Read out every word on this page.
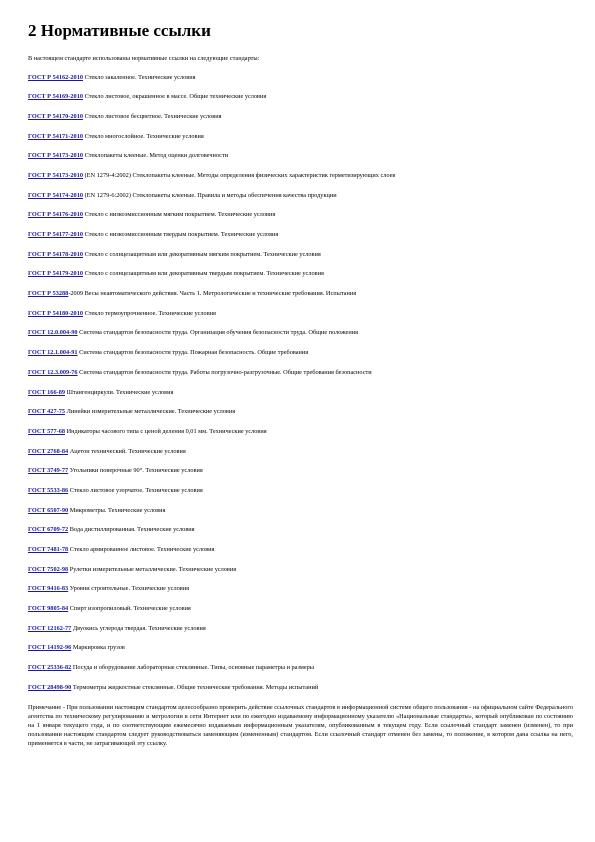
2 Нормативные ссылки

В настоящем стандарте использованы нормативные ссылки на следующие стандарты:

ГОСТ Р 54162-2010 Стекло закаленное. Технические условия

ГОСТ Р 54169-2010 Стекло листовое, окрашенное в массе. Общие технические условия

ГОСТ Р 54170-2010 Стекло листовое бесцветное. Технические условия

ГОСТ Р 54171-2010 Стекло многослойное. Технические условия

ГОСТ Р 54173-2010 Стеклопакеты клееные. Метод оценки долговечности

ГОСТ Р 54173-2010 (EN 1279-4:2002) Стеклопакеты клееные. Методы определения физических характеристик герметизирующих слоев

ГОСТ Р 54174-2010 (EN 1279-6:2002) Стеклопакеты клееные. Правила и методы обеспечения качества продукции

ГОСТ Р 54176-2010 Стекло с низкоэмиссионным мягким покрытием. Технические условия

ГОСТ Р 54177-2010 Стекло с низкоэмиссионным твердым покрытием. Технические условия

ГОСТ Р 54178-2010 Стекло с солнцезащитным или декоративным мягким покрытием. Технические условия

ГОСТ Р 54179-2010 Стекло с солнцезащитным или декоративным твердым покрытием. Технические условия

ГОСТ Р 53288-2009 Весы неавтоматического действия. Часть 1. Метрологические и технические требования. Испытания

ГОСТ Р 54180-2010 Стекло термоупрочненное. Технические условия

ГОСТ 12.0.004-90 Система стандартов безопасности труда. Организация обучения безопасности труда. Общие положения

ГОСТ 12.1.004-91 Система стандартов безопасности труда. Пожарная безопасность. Общие требования

ГОСТ 12.3.009-76 Система стандартов безопасности труда. Работы погрузочно-разгрузочные. Общие требования безопасности

ГОСТ 166-89 Штангенциркули. Технические условия

ГОСТ 427-75 Линейки измерительные металлические. Технические условия

ГОСТ 577-68 Индикаторы часового типа с ценой деления 0,01 мм. Технические условия

ГОСТ 2768-84 Ацетон технический. Технические условия

ГОСТ 3749-77 Угольники поверочные 90°. Технические условия

ГОСТ 5533-86 Стекло листовое узорчатое. Технические условия

ГОСТ 6507-90 Микрометры. Технические условия

ГОСТ 6709-72 Вода дистиллированная. Технические условия

ГОСТ 7481-78 Стекло армированное листовое. Технические условия

ГОСТ 7502-98 Рулетки измерительные металлические. Технические условия

ГОСТ 9416-83 Уровни строительные. Технические условия

ГОСТ 9805-84 Спирт изопропиловый. Технические условия

ГОСТ 12162-77 Двуокись углерода твердая. Технические условия

ГОСТ 14192-96 Маркировка грузов

ГОСТ 25336-82 Посуда и оборудование лабораторные стеклянные. Типы, основные параметры и размеры

ГОСТ 28498-90 Термометры жидкостные стеклянные. Общие технические требования. Методы испытаний

Примечание - При пользовании настоящим стандартом целесообразно проверить действие ссылочных стандартов в информационной системе общего пользования - на официальном сайте Федерального агентства по техническому регулированию и метрологии в сети Интернет или по ежегодно издаваемому информационному указателю «Национальные стандарты», который опубликован по состоянию на 1 января текущего года, и по соответствующим ежемесячно издаваемым информационным указателям, опубликованным в текущем году. Если ссылочный стандарт заменен (изменен), то при пользовании настоящим стандартом следует руководствоваться заменяющим (измененным) стандартом. Если ссылочный стандарт отменен без замены, то положение, в котором дана ссылка на него, применяется в части, не затрагивающей эту ссылку.
